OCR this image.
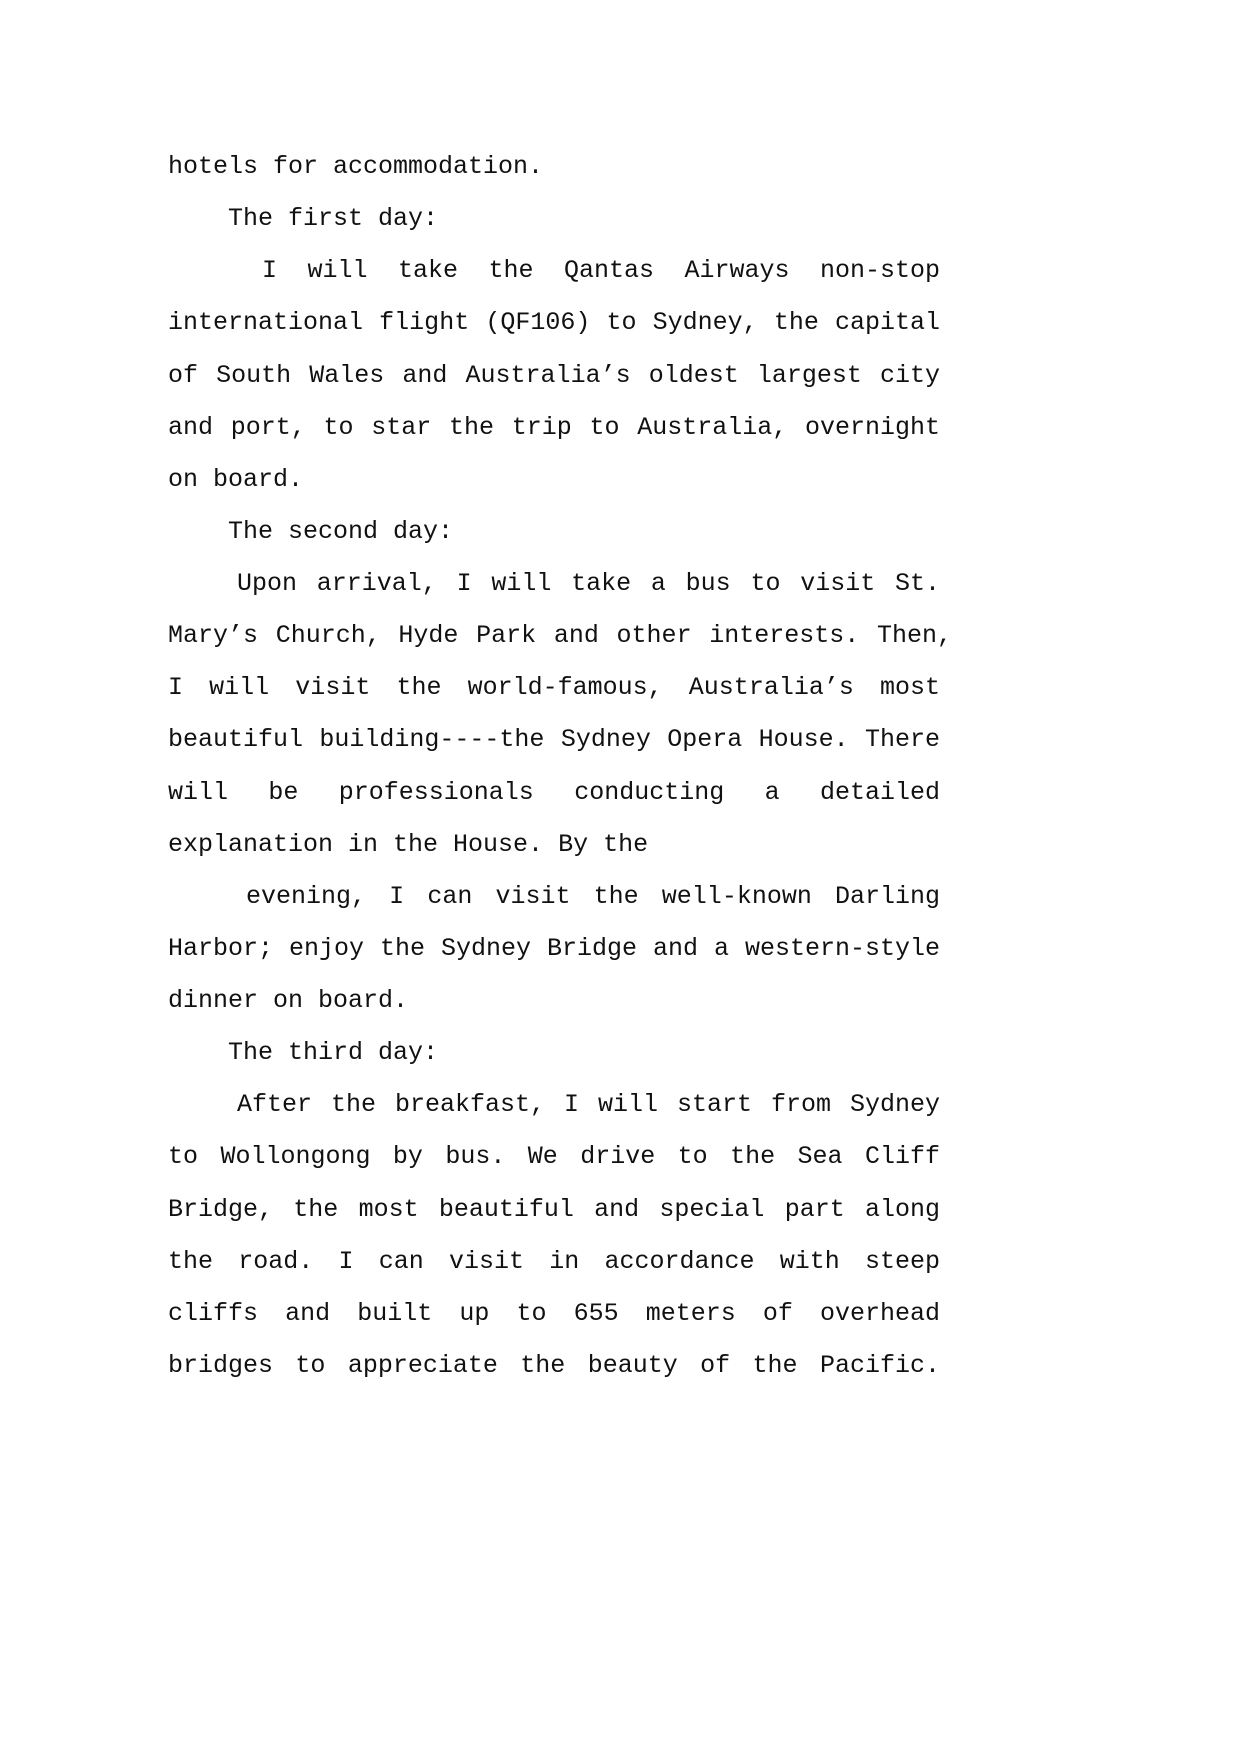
hotels for accommodation.
The first day:
I will take the Qantas Airways non-stop
international flight (QF106) to Sydney, the capital
of South Wales and Australia’s oldest largest city
and port, to star the trip to Australia, overnight
on board.
The second day:
Upon arrival, I will take a bus to visit St.
Mary’s Church, Hyde Park and other interests. Then,
I will visit the world-famous, Australia’s most
beautiful building----the Sydney Opera House. There
will be professionals conducting a detailed
explanation in the House. By the
evening, I can visit the well-known Darling
Harbor; enjoy the Sydney Bridge and a western-style
dinner on board.
The third day:
After the breakfast, I will start from Sydney
to Wollongong by bus. We drive to the Sea Cliff
Bridge, the most beautiful and special part along
the road. I can visit in accordance with steep
cliffs and built up to 655 meters of overhead
bridges to appreciate the beauty of the Pacific.
